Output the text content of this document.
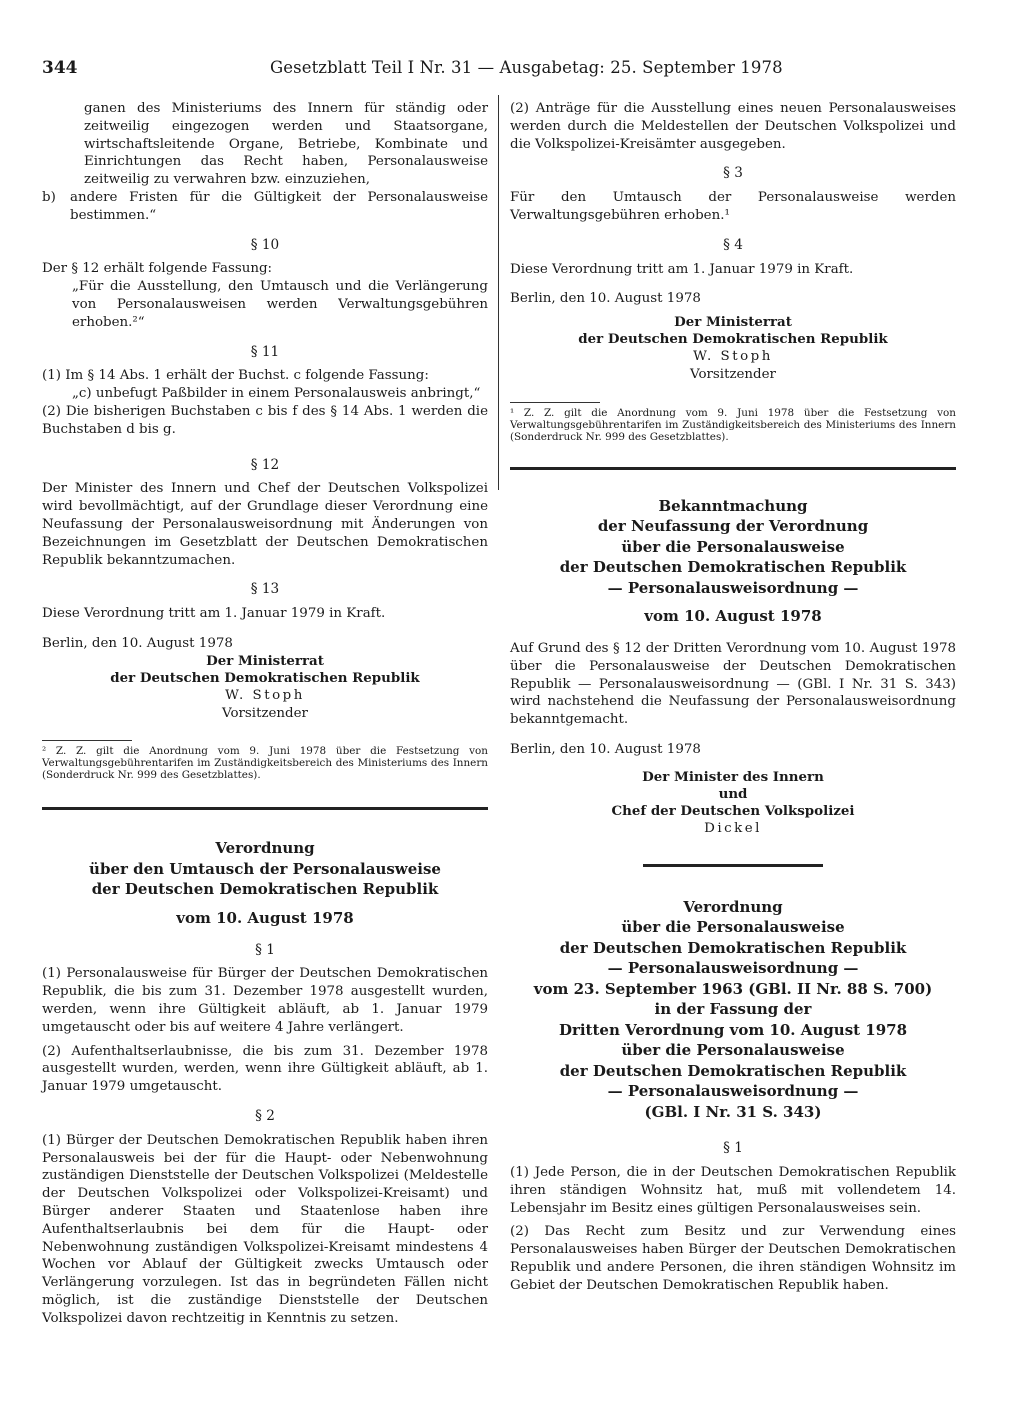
344	Gesetzblatt Teil I Nr. 31 — Ausgabetag: 25. September 1978

ganen des Ministeriums des Innern für ständig oder zeitweilig eingezogen werden und Staatsorgane, wirtschaftsleitende Organe, Betriebe, Kombinate und Einrichtungen das Recht haben, Personalausweise zeitweilig zu verwahren bzw. einzuziehen,

b)	andere Fristen für die Gültigkeit der Personalausweise bestimmen.“
§ 10

Der § 12 erhält folgende Fassung:

„Für die Ausstellung, den Umtausch und die Verlängerung von Personalausweisen werden Verwaltungsgebühren erhoben.²“

§ 11

(1) Im § 14 Abs. 1 erhält der Buchst. c folgende Fassung:

„c) unbefugt Paßbilder in einem Personalausweis anbringt,“

(2) Die bisherigen Buchstaben c bis f des § 14 Abs. 1 werden die Buchstaben d bis g.

§ 12

Der Minister des Innern und Chef der Deutschen Volkspolizei wird bevollmächtigt, auf der Grundlage dieser Verordnung eine Neufassung der Personalausweisordnung mit Änderungen von Bezeichnungen im Gesetzblatt der Deutschen Demokratischen Republik bekanntzumachen.

§ 13

Diese Verordnung tritt am 1. Januar 1979 in Kraft.

Berlin, den 10. August 1978

Der Ministerrat
der Deutschen Demokratischen Republik
W. Stoph
Vorsitzender

² Z. Z. gilt die Anordnung vom 9. Juni 1978 über die Festsetzung von Verwaltungsgebührentarifen im Zuständigkeitsbereich des Ministeriums des Innern (Sonderdruck Nr. 999 des Gesetzblattes).

Verordnung
über den Umtausch der Personalausweise
der Deutschen Demokratischen Republik
vom 10. August 1978
§ 1

(1) Personalausweise für Bürger der Deutschen Demokratischen Republik, die bis zum 31. Dezember 1978 ausgestellt wurden, werden, wenn ihre Gültigkeit abläuft, ab 1. Januar 1979 umgetauscht oder bis auf weitere 4 Jahre verlängert.

(2) Aufenthaltserlaubnisse, die bis zum 31. Dezember 1978 ausgestellt wurden, werden, wenn ihre Gültigkeit abläuft, ab 1. Januar 1979 umgetauscht.

§ 2

(1) Bürger der Deutschen Demokratischen Republik haben ihren Personalausweis bei der für die Haupt- oder Nebenwohnung zuständigen Dienststelle der Deutschen Volkspolizei (Meldestelle der Deutschen Volkspolizei oder Volkspolizei-Kreisamt) und Bürger anderer Staaten und Staatenlose haben ihre Aufenthaltserlaubnis bei dem für die Haupt- oder Nebenwohnung zuständigen Volkspolizei-Kreisamt mindestens 4 Wochen vor Ablauf der Gültigkeit zwecks Umtausch oder Verlängerung vorzulegen. Ist das in begründeten Fällen nicht möglich, ist die zuständige Dienststelle der Deutschen Volkspolizei davon rechtzeitig in Kenntnis zu setzen.

(2) Anträge für die Ausstellung eines neuen Personalausweises werden durch die Meldestellen der Deutschen Volkspolizei und die Volkspolizei-Kreisämter ausgegeben.

§ 3

Für den Umtausch der Personalausweise werden Verwaltungsgebühren erhoben.¹

§ 4

Diese Verordnung tritt am 1. Januar 1979 in Kraft.

Berlin, den 10. August 1978

Der Ministerrat
der Deutschen Demokratischen Republik
W. Stoph
Vorsitzender

¹ Z. Z. gilt die Anordnung vom 9. Juni 1978 über die Festsetzung von Verwaltungsgebührentarifen im Zuständigkeitsbereich des Ministeriums des Innern (Sonderdruck Nr. 999 des Gesetzblattes).

Bekanntmachung
der Neufassung der Verordnung
über die Personalausweise
der Deutschen Demokratischen Republik
— Personalausweisordnung —
vom 10. August 1978

Auf Grund des § 12 der Dritten Verordnung vom 10. August 1978 über die Personalausweise der Deutschen Demokratischen Republik — Personalausweisordnung — (GBl. I Nr. 31 S. 343) wird nachstehend die Neufassung der Personalausweisordnung bekanntgemacht.

Berlin, den 10. August 1978

Der Minister des Innern
und
Chef der Deutschen Volkspolizei
Dickel
Verordnung
über die Personalausweise
der Deutschen Demokratischen Republik
— Personalausweisordnung —
vom 23. September 1963 (GBl. II Nr. 88 S. 700)
in der Fassung der
Dritten Verordnung vom 10. August 1978
über die Personalausweise
der Deutschen Demokratischen Republik
— Personalausweisordnung —
(GBl. I Nr. 31 S. 343)
§ 1

(1) Jede Person, die in der Deutschen Demokratischen Republik ihren ständigen Wohnsitz hat, muß mit vollendetem 14. Lebensjahr im Besitz eines gültigen Personalausweises sein.

(2) Das Recht zum Besitz und zur Verwendung eines Personalausweises haben Bürger der Deutschen Demokratischen Republik und andere Personen, die ihren ständigen Wohnsitz im Gebiet der Deutschen Demokratischen Republik haben.
